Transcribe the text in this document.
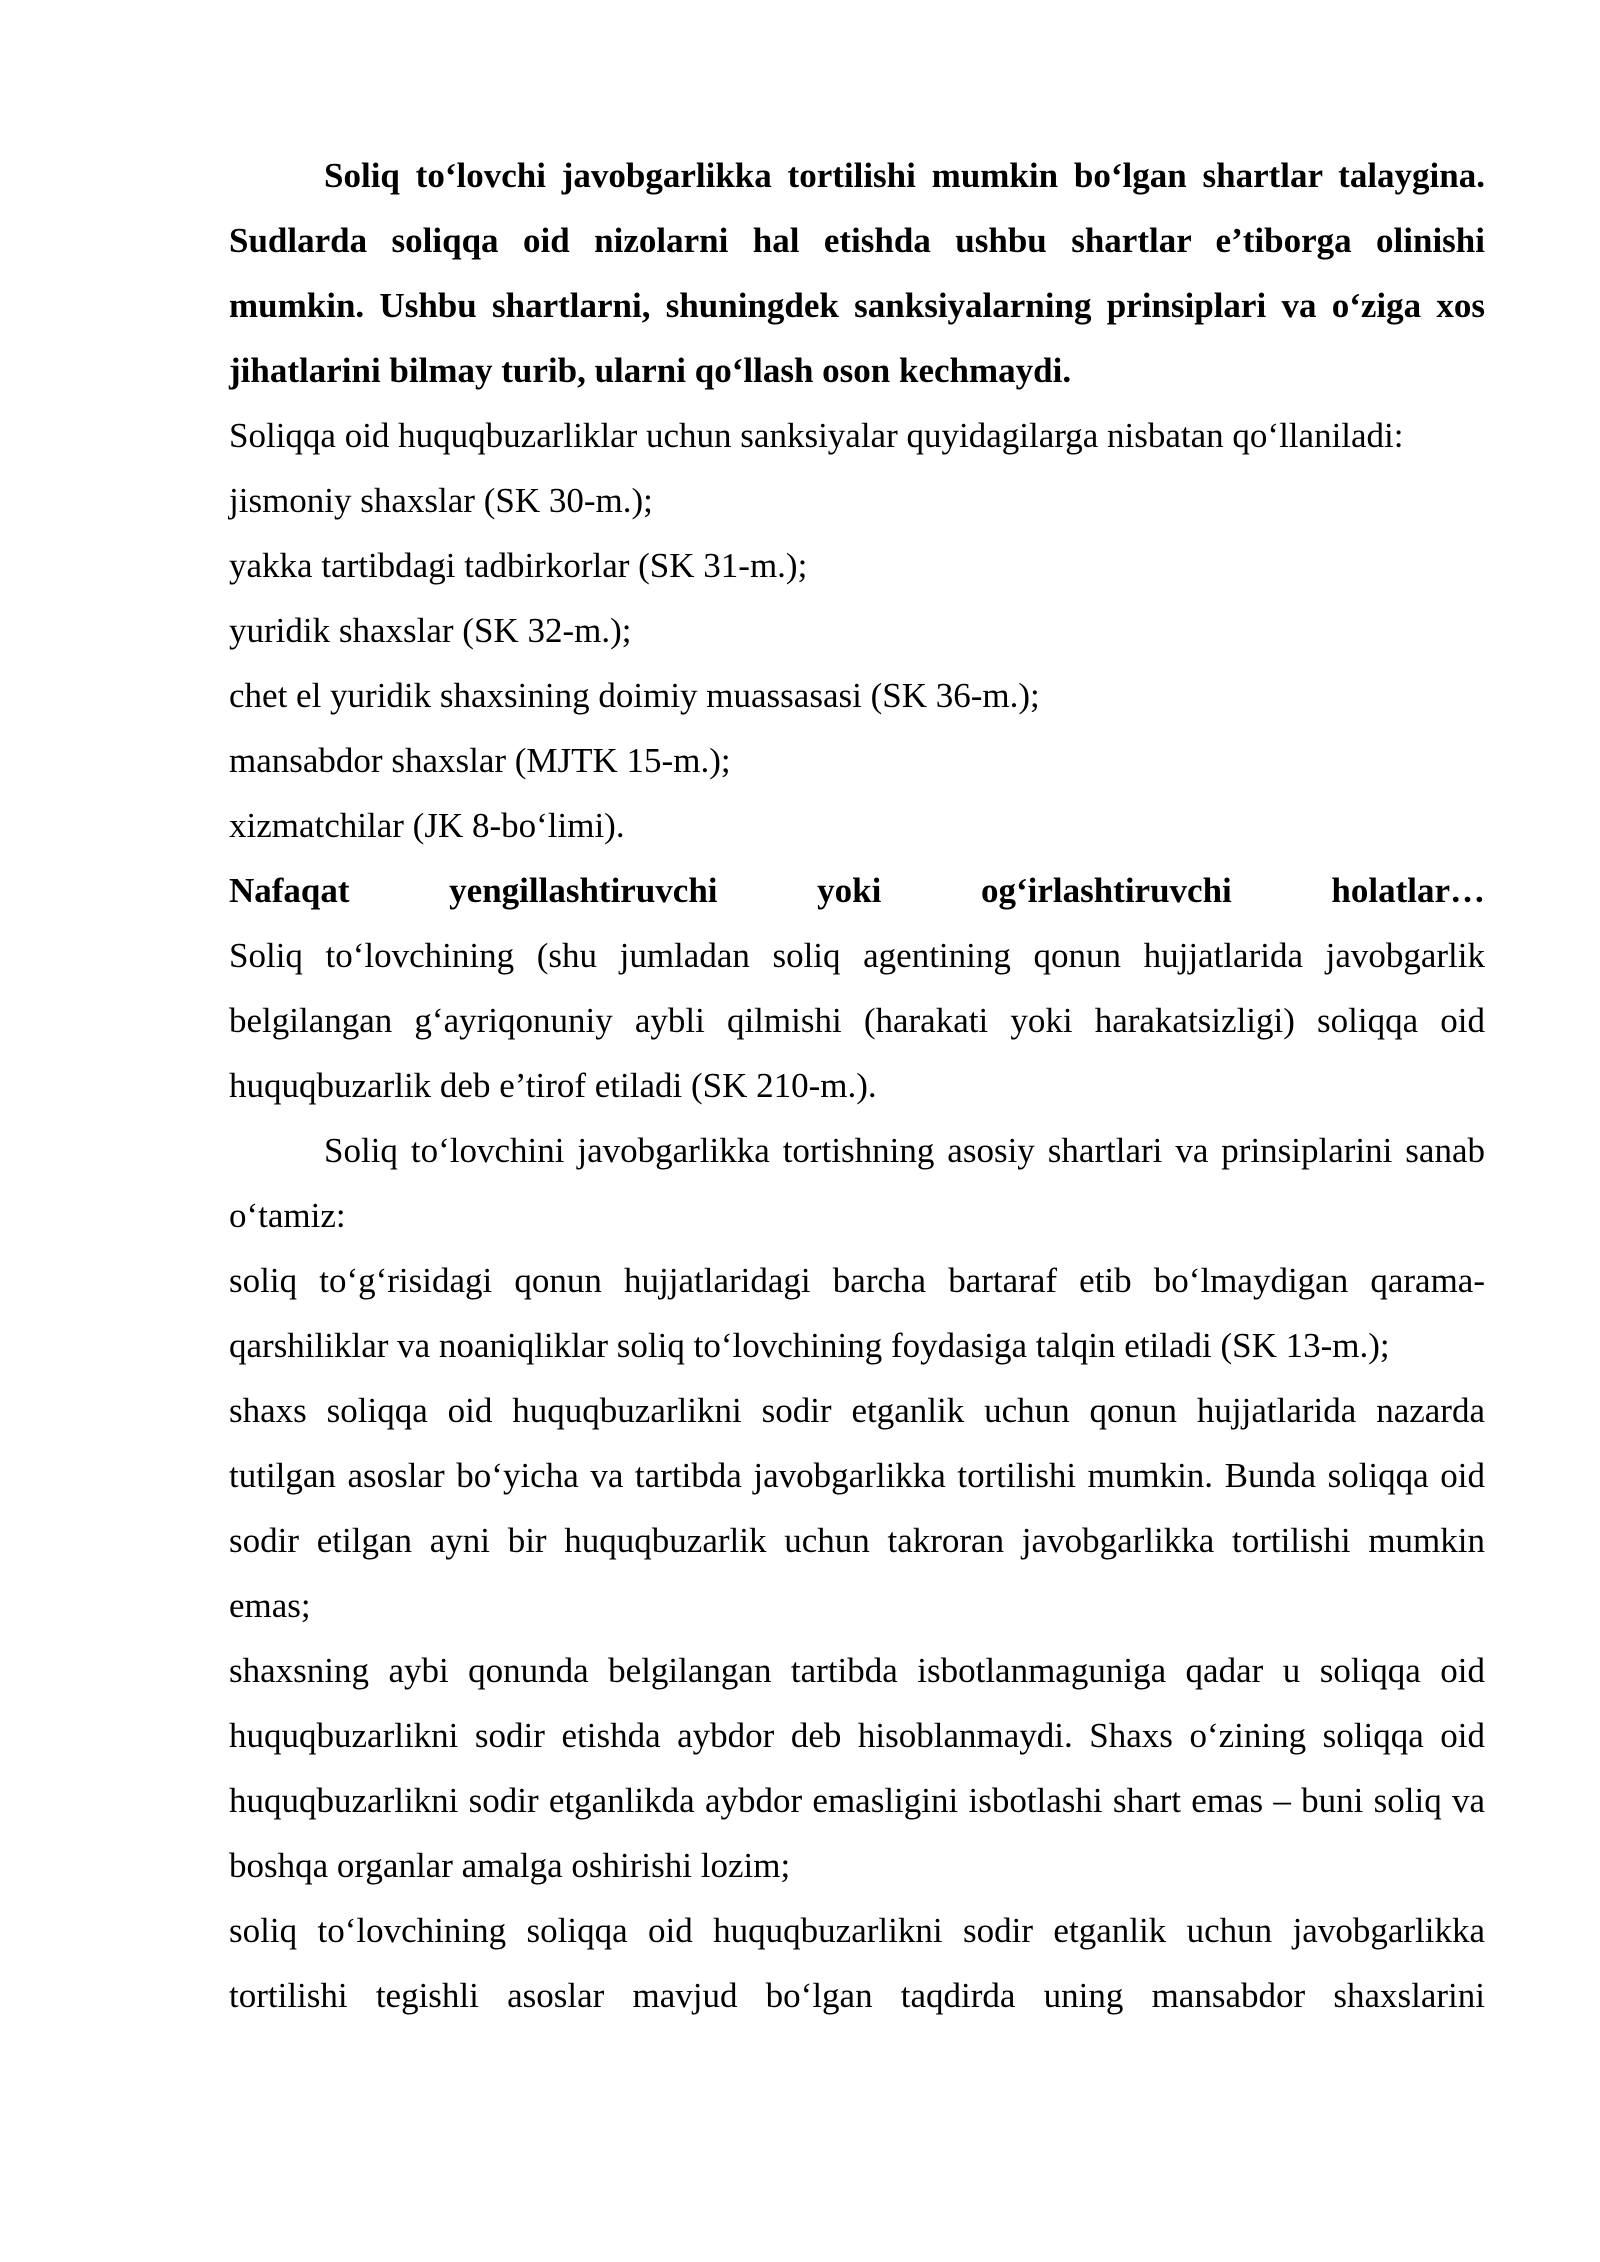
Soliq to‘lovchi javobgarlikka tortilishi mumkin bo‘lgan shartlar talaygina. Sudlarda soliqqa oid nizolarni hal etishda ushbu shartlar e’tiborga olinishi mumkin. Ushbu shartlarni, shuningdek sanksiyalarning prinsiplari va o‘ziga xos jihatlarini bilmay turib, ularni qo‘llash oson kechmaydi.

Soliqqa oid huquqbuzarliklar uchun sanksiyalar quyidagilarga nisbatan qo‘llaniladi:

jismoniy shaxslar (SK 30-m.);

yakka tartibdagi tadbirkorlar (SK 31-m.);

yuridik shaxslar (SK 32-m.);

chet el yuridik shaxsining doimiy muassasasi (SK 36-m.);

mansabdor shaxslar (MJTK 15-m.);

xizmatchilar (JK 8-bo‘limi).

Nafaqat yengillashtiruvchi yoki og‘irlashtiruvchi holatlar…

Soliq to‘lovchining (shu jumladan soliq agentining qonun hujjatlarida javobgarlik belgilangan g‘ayriqonuniy aybli qilmishi (harakati yoki harakatsizligi) soliqqa oid huquqbuzarlik deb e’tirof etiladi (SK 210-m.).

Soliq to‘lovchini javobgarlikka tortishning asosiy shartlari va prinsiplarini sanab o‘tamiz:

soliq to‘g‘risidagi qonun hujjatlaridagi barcha bartaraf etib bo‘lmaydigan qarama-qarshiliklar va noaniqliklar soliq to‘lovchining foydasiga talqin etiladi (SK 13-m.);

shaxs soliqqa oid huquqbuzarlikni sodir etganlik uchun qonun hujjatlarida nazarda tutilgan asoslar bo‘yicha va tartibda javobgarlikka tortilishi mumkin. Bunda soliqqa oid sodir etilgan ayni bir huquqbuzarlik uchun takroran javobgarlikka tortilishi mumkin emas;

shaxsning aybi qonunda belgilangan tartibda isbotlanmaguniga qadar u soliqqa oid huquqbuzarlikni sodir etishda aybdor deb hisoblanmaydi. Shaxs o‘zining soliqqa oid huquqbuzarlikni sodir etganlikda aybdor emasligini isbotlashi shart emas – buni soliq va boshqa organlar amalga oshirishi lozim;

soliq to‘lovchining soliqqa oid huquqbuzarlikni sodir etganlik uchun javobgarlikka tortilishi tegishli asoslar mavjud bo‘lgan taqdirda uning mansabdor shaxslarini
